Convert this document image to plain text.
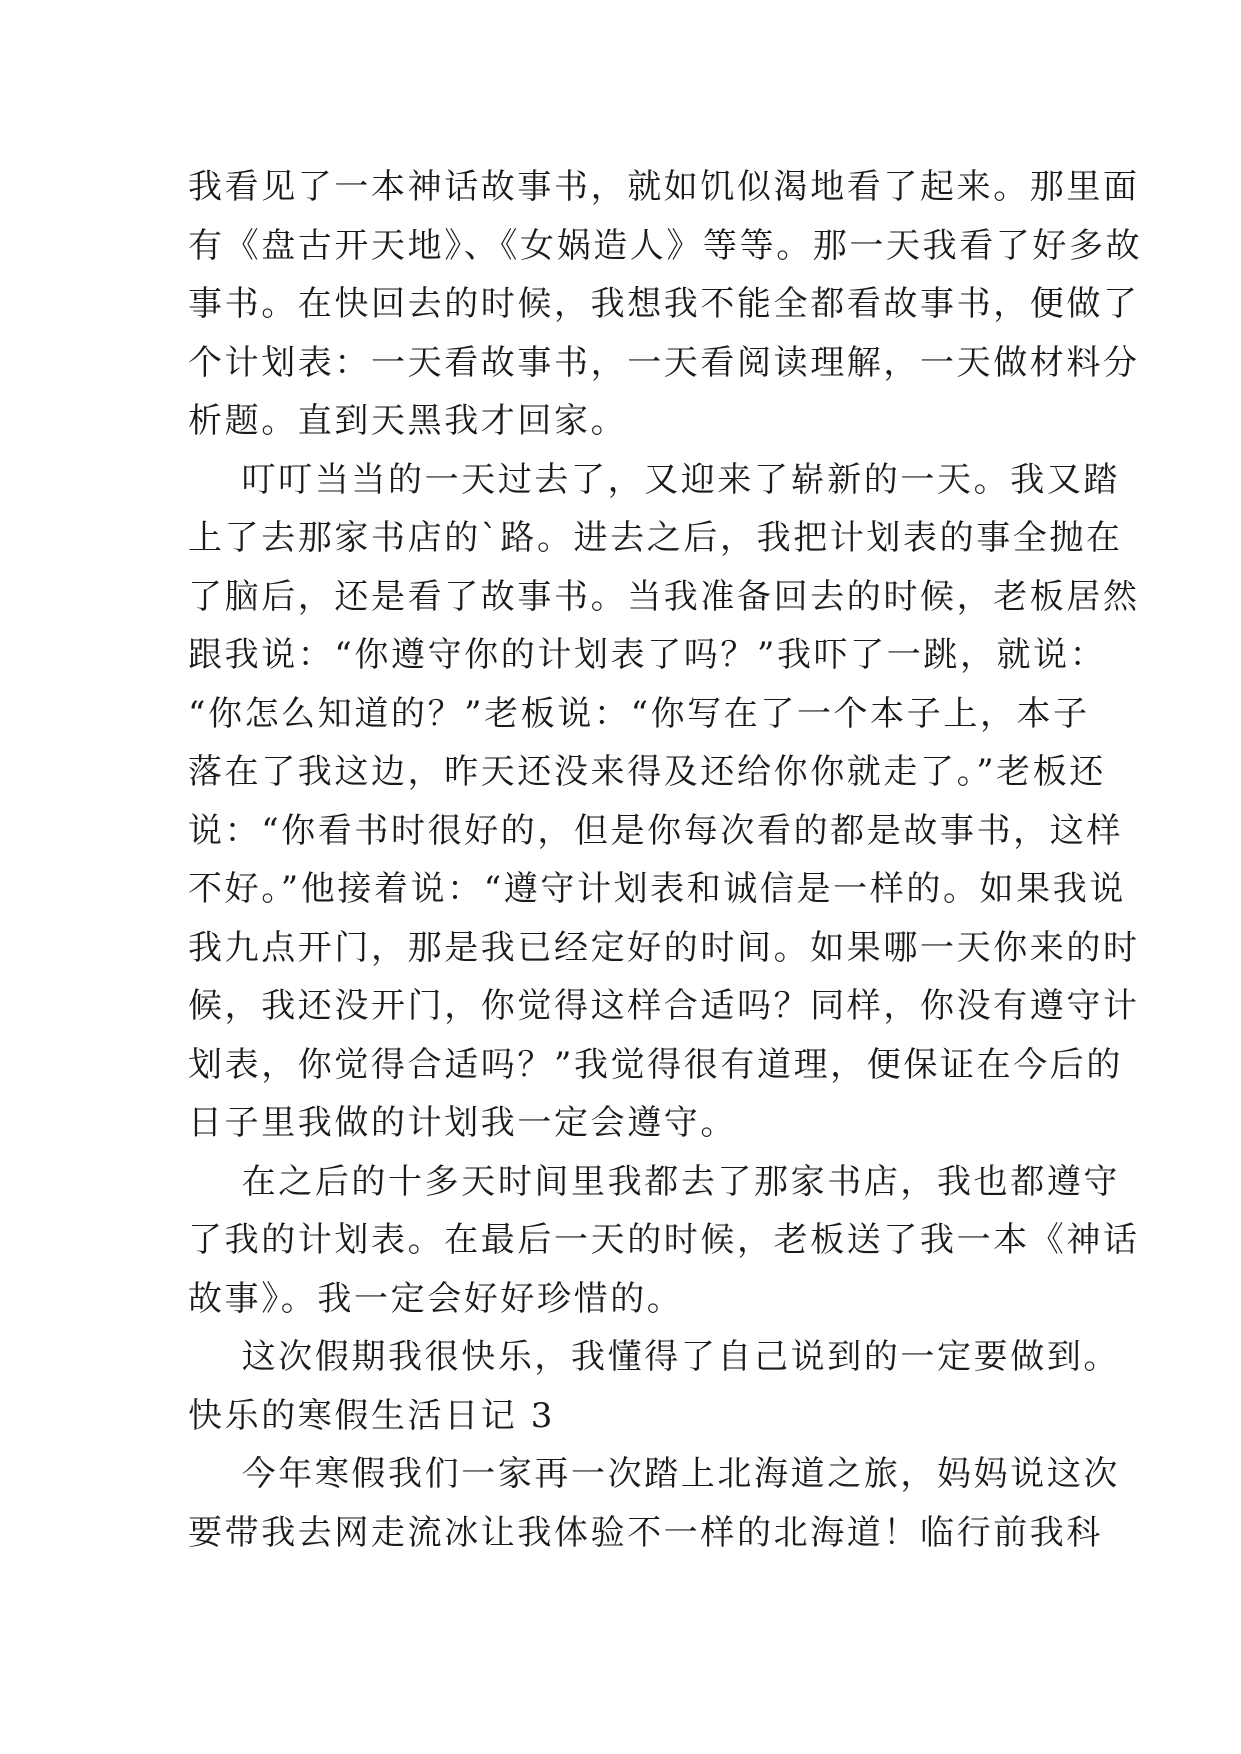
我看见了一本神话故事书，就如饥似渴地看了起来。那里面
有《盘古开天地》、《女娲造人》等等。那一天我看了好多故
事书。在快回去的时候，我想我不能全都看故事书，便做了
个计划表：一天看故事书，一天看阅读理解，一天做材料分
析题。直到天黑我才回家。
叮叮当当的一天过去了，又迎来了崭新的一天。我又踏
上了去那家书店的`路。进去之后，我把计划表的事全抛在
了脑后，还是看了故事书。当我准备回去的时候，老板居然
跟我说：“你遵守你的计划表了吗？”我吓了一跳，就说：
“你怎么知道的？”老板说：“你写在了一个本子上，本子
落在了我这边，昨天还没来得及还给你你就走了。”老板还
说：“你看书时很好的，但是你每次看的都是故事书，这样
不好。”他接着说：“遵守计划表和诚信是一样的。如果我说
我九点开门，那是我已经定好的时间。如果哪一天你来的时
候，我还没开门，你觉得这样合适吗？同样，你没有遵守计
划表，你觉得合适吗？”我觉得很有道理，便保证在今后的
日子里我做的计划我一定会遵守。
在之后的十多天时间里我都去了那家书店，我也都遵守
了我的计划表。在最后一天的时候，老板送了我一本《神话
故事》。我一定会好好珍惜的。
这次假期我很快乐，我懂得了自己说到的一定要做到。
快乐的寒假生活日记 3
今年寒假我们一家再一次踏上北海道之旅，妈妈说这次
要带我去网走流冰让我体验不一样的北海道！临行前我科
